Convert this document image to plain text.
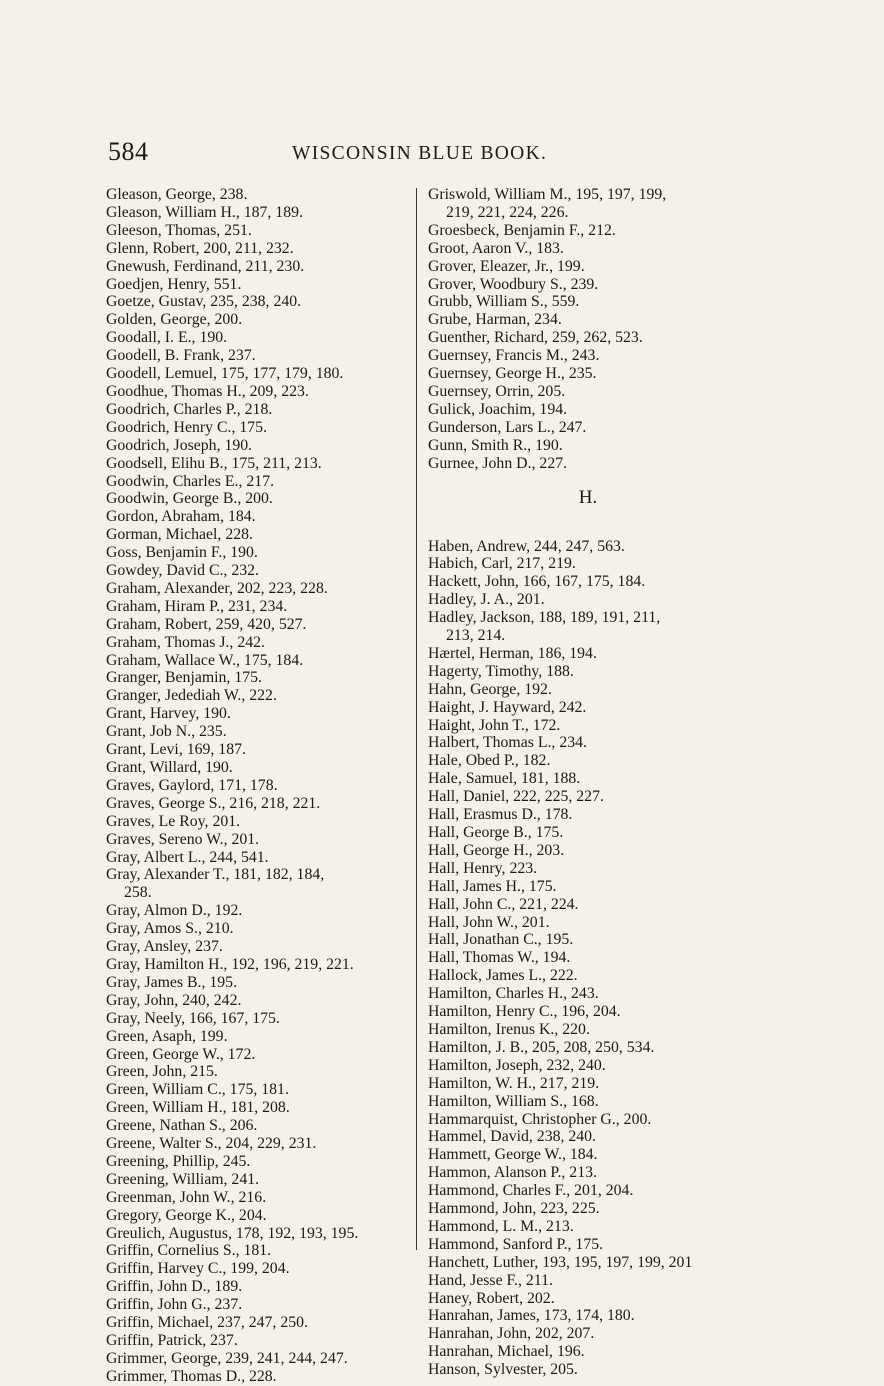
584	WISCONSIN BLUE BOOK.
Gleason, George, 238.
Gleason, William H., 187, 189.
Gleeson, Thomas, 251.
Glenn, Robert, 200, 211, 232.
Gnewush, Ferdinand, 211, 230.
Goedjen, Henry, 551.
Goetze, Gustav, 235, 238, 240.
Golden, George, 200.
Goodall, I. E., 190.
Goodell, B. Frank, 237.
Goodell, Lemuel, 175, 177, 179, 180.
Goodhue, Thomas H., 209, 223.
Goodrich, Charles P., 218.
Goodrich, Henry C., 175.
Goodrich, Joseph, 190.
Goodsell, Elihu B., 175, 211, 213.
Goodwin, Charles E., 217.
Goodwin, George B., 200.
Gordon, Abraham, 184.
Gorman, Michael, 228.
Goss, Benjamin F., 190.
Gowdey, David C., 232.
Graham, Alexander, 202, 223, 228.
Graham, Hiram P., 231, 234.
Graham, Robert, 259, 420, 527.
Graham, Thomas J., 242.
Graham, Wallace W., 175, 184.
Granger, Benjamin, 175.
Granger, Jedediah W., 222.
Grant, Harvey, 190.
Grant, Job N., 235.
Grant, Levi, 169, 187.
Grant, Willard, 190.
Graves, Gaylord, 171, 178.
Graves, George S., 216, 218, 221.
Graves, Le Roy, 201.
Graves, Sereno W., 201.
Gray, Albert L., 244, 541.
Gray, Alexander T., 181, 182, 184,
258.
Gray, Almon D., 192.
Gray, Amos S., 210.
Gray, Ansley, 237.
Gray, Hamilton H., 192, 196, 219, 221.
Gray, James B., 195.
Gray, John, 240, 242.
Gray, Neely, 166, 167, 175.
Green, Asaph, 199.
Green, George W., 172.
Green, John, 215.
Green, William C., 175, 181.
Green, William H., 181, 208.
Greene, Nathan S., 206.
Greene, Walter S., 204, 229, 231.
Greening, Phillip, 245.
Greening, William, 241.
Greenman, John W., 216.
Gregory, George K., 204.
Greulich, Augustus, 178, 192, 193, 195.
Griffin, Cornelius S., 181.
Griffin, Harvey C., 199, 204.
Griffin, John D., 189.
Griffin, John G., 237.
Griffin, Michael, 237, 247, 250.
Griffin, Patrick, 237.
Grimmer, George, 239, 241, 244, 247.
Grimmer, Thomas D., 228.
Griswold, William M., 195, 197, 199,
219, 221, 224, 226.
Groesbeck, Benjamin F., 212.
Groot, Aaron V., 183.
Grover, Eleazer, Jr., 199.
Grover, Woodbury S., 239.
Grubb, William S., 559.
Grube, Harman, 234.
Guenther, Richard, 259, 262, 523.
Guernsey, Francis M., 243.
Guernsey, George H., 235.
Guernsey, Orrin, 205.
Gulick, Joachim, 194.
Gunderson, Lars L., 247.
Gunn, Smith R., 190.
Gurnee, John D., 227.
H.
Haben, Andrew, 244, 247, 563.
Habich, Carl, 217, 219.
Hackett, John, 166, 167, 175, 184.
Hadley, J. A., 201.
Hadley, Jackson, 188, 189, 191, 211,
213, 214.
Hærtel, Herman, 186, 194.
Hagerty, Timothy, 188.
Hahn, George, 192.
Haight, J. Hayward, 242.
Haight, John T., 172.
Halbert, Thomas L., 234.
Hale, Obed P., 182.
Hale, Samuel, 181, 188.
Hall, Daniel, 222, 225, 227.
Hall, Erasmus D., 178.
Hall, George B., 175.
Hall, George H., 203.
Hall, Henry, 223.
Hall, James H., 175.
Hall, John C., 221, 224.
Hall, John W., 201.
Hall, Jonathan C., 195.
Hall, Thomas W., 194.
Hallock, James L., 222.
Hamilton, Charles H., 243.
Hamilton, Henry C., 196, 204.
Hamilton, Irenus K., 220.
Hamilton, J. B., 205, 208, 250, 534.
Hamilton, Joseph, 232, 240.
Hamilton, W. H., 217, 219.
Hamilton, William S., 168.
Hammarquist, Christopher G., 200.
Hammel, David, 238, 240.
Hammett, George W., 184.
Hammon, Alanson P., 213.
Hammond, Charles F., 201, 204.
Hammond, John, 223, 225.
Hammond, L. M., 213.
Hammond, Sanford P., 175.
Hanchett, Luther, 193, 195, 197, 199, 201
Hand, Jesse F., 211.
Haney, Robert, 202.
Hanrahan, James, 173, 174, 180.
Hanrahan, John, 202, 207.
Hanrahan, Michael, 196.
Hanson, Sylvester, 205.
